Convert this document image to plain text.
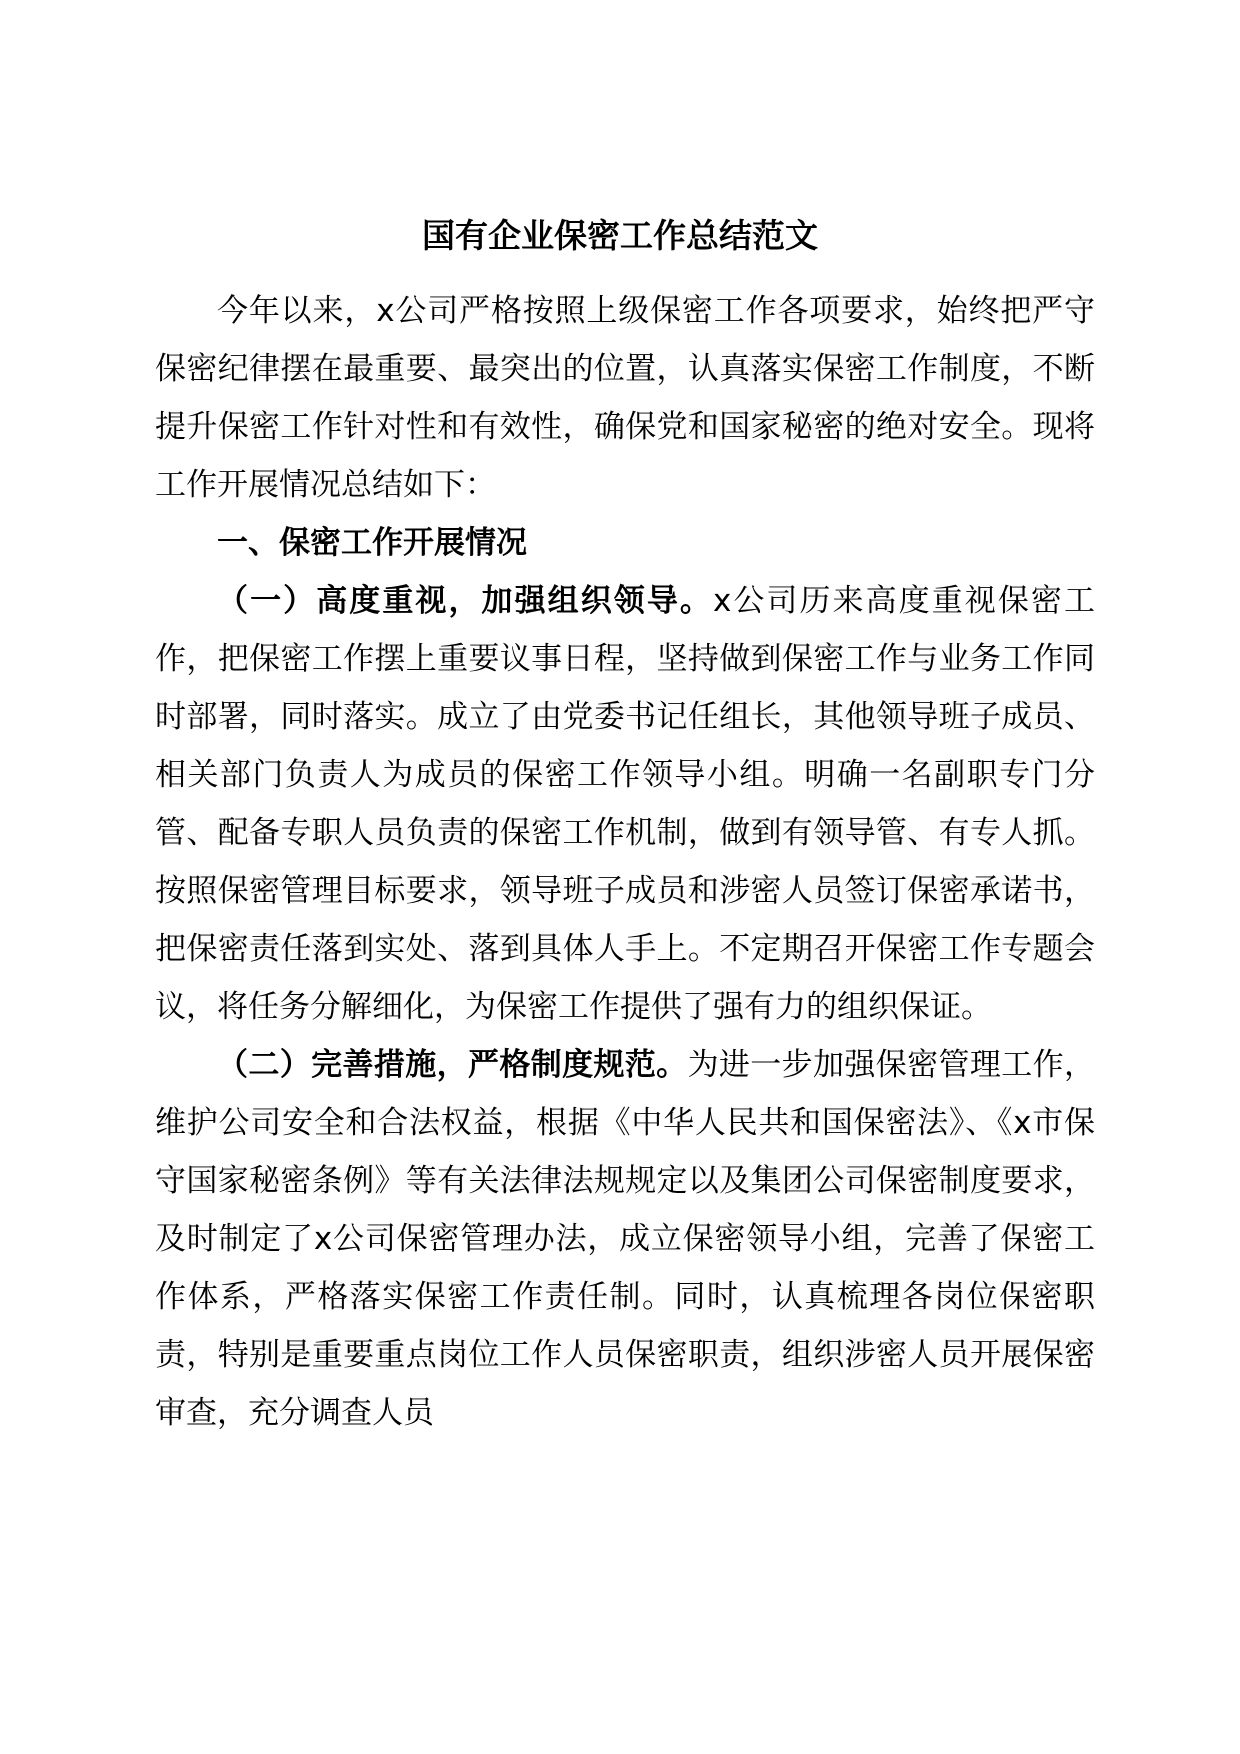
国有企业保密工作总结范文

今年以来，x公司严格按照上级保密工作各项要求，始终把严守保密纪律摆在最重要、最突出的位置，认真落实保密工作制度，不断提升保密工作针对性和有效性，确保党和国家秘密的绝对安全。现将工作开展情况总结如下：

一、保密工作开展情况

（一）高度重视，加强组织领导。x公司历来高度重视保密工作，把保密工作摆上重要议事日程，坚持做到保密工作与业务工作同时部署，同时落实。成立了由党委书记任组长，其他领导班子成员、相关部门负责人为成员的保密工作领导小组。明确一名副职专门分管、配备专职人员负责的保密工作机制，做到有领导管、有专人抓。按照保密管理目标要求，领导班子成员和涉密人员签订保密承诺书，把保密责任落到实处、落到具体人手上。不定期召开保密工作专题会议，将任务分解细化，为保密工作提供了强有力的组织保证。

（二）完善措施，严格制度规范。为进一步加强保密管理工作，维护公司安全和合法权益，根据《中华人民共和国保密法》、《x市保守国家秘密条例》等有关法律法规规定以及集团公司保密制度要求，及时制定了x公司保密管理办法，成立保密领导小组，完善了保密工作体系，严格落实保密工作责任制。同时，认真梳理各岗位保密职责，特别是重要重点岗位工作人员保密职责，组织涉密人员开展保密审查，充分调查人员
